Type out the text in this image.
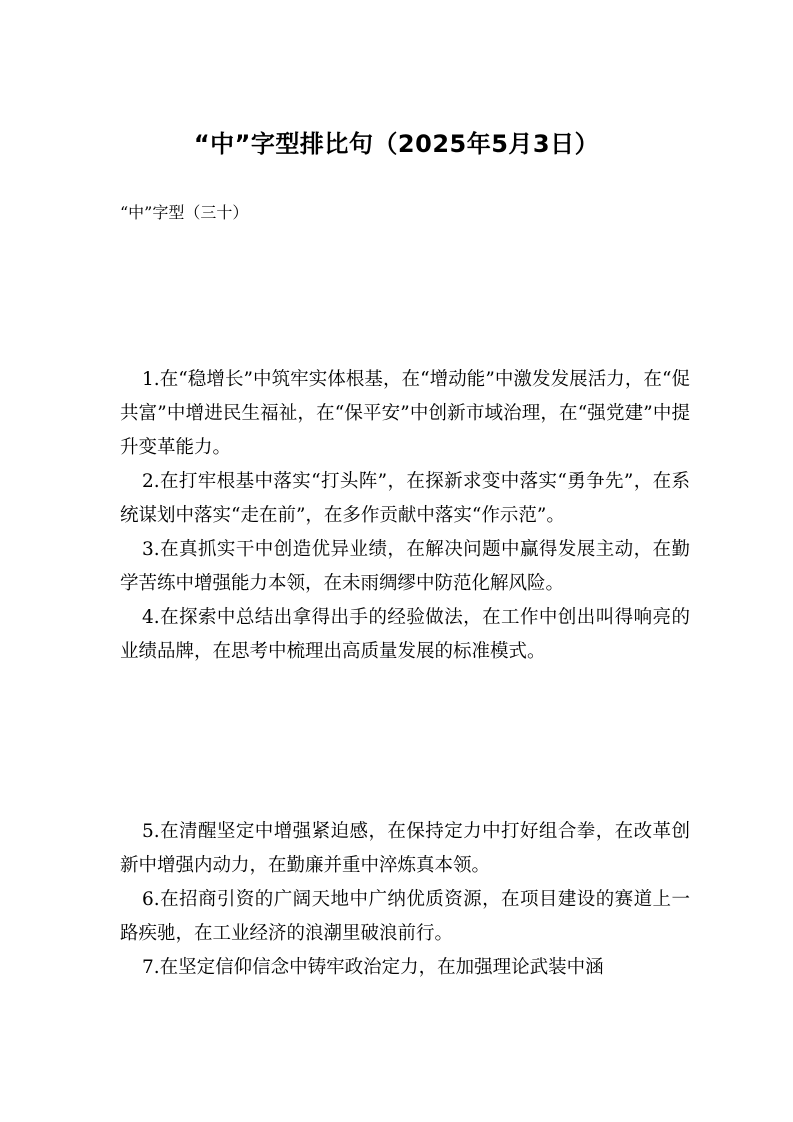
“中”字型排比句（2025年5月3日）

“中”字型（三十）

1.在“稳增长”中筑牢实体根基，在“增动能”中激发发展活力，在“促共富”中增进民生福祉，在“保平安”中创新市域治理，在“强党建”中提升变革能力。

2.在打牢根基中落实“打头阵”，在探新求变中落实“勇争先”，在系统谋划中落实“走在前”，在多作贡献中落实“作示范”。

3.在真抓实干中创造优异业绩，在解决问题中赢得发展主动，在勤学苦练中增强能力本领，在未雨绸缪中防范化解风险。

4.在探索中总结出拿得出手的经验做法，在工作中创出叫得响亮的业绩品牌，在思考中梳理出高质量发展的标准模式。

5.在清醒坚定中增强紧迫感，在保持定力中打好组合拳，在改革创新中增强内动力，在勤廉并重中淬炼真本领。

6.在招商引资的广阔天地中广纳优质资源，在项目建设的赛道上一路疾驰，在工业经济的浪潮里破浪前行。

7.在坚定信仰信念中铸牢政治定力，在加强理论武装中涵
